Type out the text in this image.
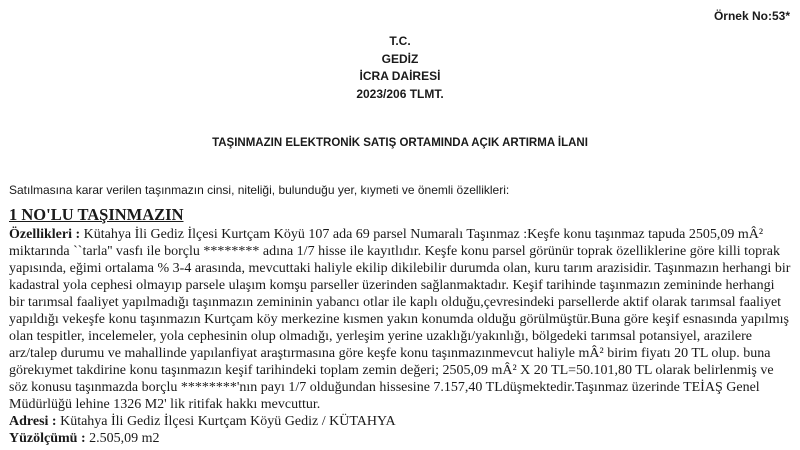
Örnek No:53*
T.C.
GEDİZ
İCRA DAİRESİ
2023/206 TLMT.
TAŞINMAZIN ELEKTRONİK SATIŞ ORTAMINDA AÇIK ARTIRMA İLANI
Satılmasına karar verilen taşınmazın cinsi, niteliği, bulunduğu yer, kıymeti ve önemli özellikleri:
1 NO'LU TAŞINMAZIN

Özellikleri : Kütahya İli Gediz İlçesi Kurtçam Köyü 107 ada 69 parsel Numaralı Taşınmaz :Keşfe konu taşınmaz tapuda 2505,09 mÂ² miktarında ``tarla'' vasfı ile borçlu ******** adına 1/7 hisse ile kayıtlıdır. Keşfe konu parsel görünür toprak özelliklerine göre killi toprak yapısında, eğimi ortalama % 3-4 arasında, mevcuttaki haliyle ekilip dikilebilir durumda olan, kuru tarım arazisidir. Taşınmazın herhangi bir kadastral yola cephesi olmayıp parsele ulaşım komşu parseller üzerinden sağlanmaktadır. Keşif tarihinde taşınmazın zemininde herhangi bir tarımsal faaliyet yapılmadığı taşınmazın zemininin yabancı otlar ile kaplı olduğu,çevresindeki parsellerde aktif olarak tarımsal faaliyet yapıldığı vekeşfe konu taşınmazın Kurtçam köy merkezine kısmen yakın konumda olduğu görülmüştür.Buna göre keşif esnasında yapılmış olan tespitler, incelemeler, yola cephesinin olup olmadığı, yerleşim yerine uzaklığı/yakınlığı, bölgedeki tarımsal potansiyel, arazilere arz/talep durumu ve mahallinde yapılanfiyat araştırmasına göre keşfe konu taşınmazınmevcut haliyle mÂ² birim fiyatı 20 TL olup. buna görekıymet takdirine konu taşınmazın keşif tarihindeki toplam zemin değeri; 2505,09 mÂ² X 20 TL=50.101,80 TL olarak belirlenmiş ve söz konusu taşınmazda borçlu ********'nın payı 1/7 olduğundan hissesine 7.157,40 TLdüşmektedir.Taşınmaz üzerinde TEİAŞ Genel Müdürlüğü lehine 1326 M2' lik ritifak hakkı mevcuttur.

Adresi : Kütahya İli Gediz İlçesi Kurtçam Köyü Gediz / KÜTAHYA

Yüzölçümü : 2.505,09 m2
